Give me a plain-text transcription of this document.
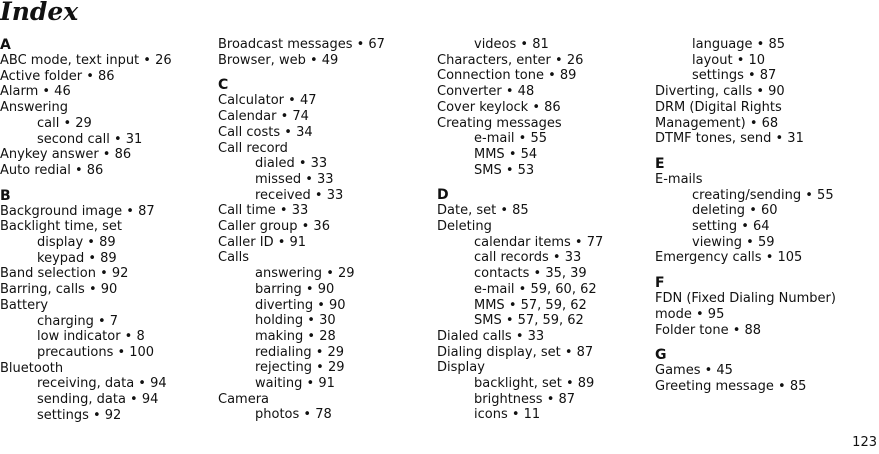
Index
A
ABC mode, text input • 26
Active folder • 86
Alarm • 46
Answering
call • 29
second call • 31
Anykey answer • 86
Auto redial • 86
B
Background image • 87
Backlight time, set
display • 89
keypad • 89
Band selection • 92
Barring, calls • 90
Battery
charging • 7
low indicator • 8
precautions • 100
Bluetooth
receiving, data • 94
sending, data • 94
settings • 92
Broadcast messages • 67
Browser, web • 49
C
Calculator • 47
Calendar • 74
Call costs • 34
Call record
dialed • 33
missed • 33
received • 33
Call time • 33
Caller group • 36
Caller ID • 91
Calls
answering • 29
barring • 90
diverting • 90
holding • 30
making • 28
redialing • 29
rejecting • 29
waiting • 91
Camera
photos • 78
videos • 81
Characters, enter • 26
Connection tone • 89
Converter • 48
Cover keylock • 86
Creating messages
e-mail • 55
MMS • 54
SMS • 53
D
Date, set • 85
Deleting
calendar items • 77
call records • 33
contacts • 35, 39
e-mail • 59, 60, 62
MMS • 57, 59, 62
SMS • 57, 59, 62
Dialed calls • 33
Dialing display, set • 87
Display
backlight, set • 89
brightness • 87
icons • 11
language • 85
layout • 10
settings • 87
Diverting, calls • 90
DRM (Digital Rights
Management) • 68
DTMF tones, send • 31
E
E-mails
creating/sending • 55
deleting • 60
setting • 64
viewing • 59
Emergency calls • 105
F
FDN (Fixed Dialing Number)
mode • 95
Folder tone • 88
G
Games • 45
Greeting message • 85
123
